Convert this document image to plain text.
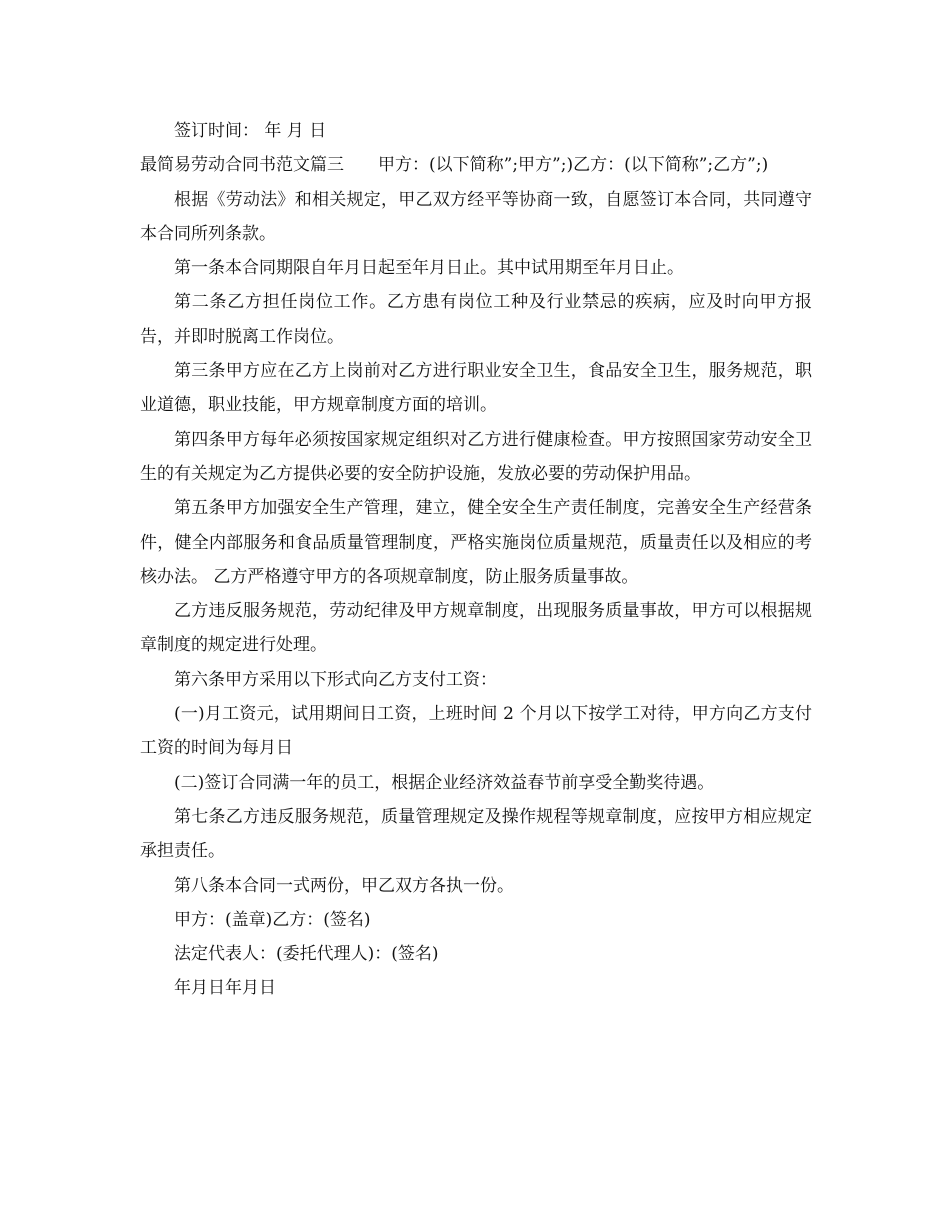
签订时间： 年 月 日

最简易劳动合同书范文篇三 甲方：(以下简称”;甲方”;)乙方：(以下简称”;乙方”;)

根据《劳动法》和相关规定，甲乙双方经平等协商一致，自愿签订本合同，共同遵守本合同所列条款。

第一条本合同期限自年月日起至年月日止。其中试用期至年月日止。

第二条乙方担任岗位工作。乙方患有岗位工种及行业禁忌的疾病，应及时向甲方报告，并即时脱离工作岗位。

第三条甲方应在乙方上岗前对乙方进行职业安全卫生，食品安全卫生，服务规范，职业道德，职业技能，甲方规章制度方面的培训。

第四条甲方每年必须按国家规定组织对乙方进行健康检查。甲方按照国家劳动安全卫生的有关规定为乙方提供必要的安全防护设施，发放必要的劳动保护用品。

第五条甲方加强安全生产管理，建立，健全安全生产责任制度，完善安全生产经营条件，健全内部服务和食品质量管理制度，严格实施岗位质量规范，质量责任以及相应的考核办法。 乙方严格遵守甲方的各项规章制度，防止服务质量事故。

乙方违反服务规范，劳动纪律及甲方规章制度，出现服务质量事故，甲方可以根据规章制度的规定进行处理。

第六条甲方采用以下形式向乙方支付工资：

(一)月工资元，试用期间日工资，上班时间 2 个月以下按学工对待，甲方向乙方支付工资的时间为每月日

(二)签订合同满一年的员工，根据企业经济效益春节前享受全勤奖待遇。

第七条乙方违反服务规范，质量管理规定及操作规程等规章制度，应按甲方相应规定承担责任。

第八条本合同一式两份，甲乙双方各执一份。

甲方：(盖章)乙方：(签名)

法定代表人：(委托代理人)：(签名)

年月日年月日
